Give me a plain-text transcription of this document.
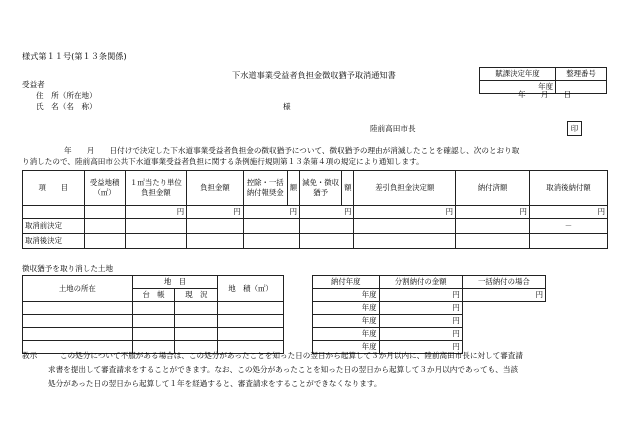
様式第１１号(第１３条関係)
下水道事業受益者負担金徴収猶予取消通知書
受益者
住　所（所在地）
氏　名（名　称）	様
賦課決定年度	整理番号
年度	
年　　月　　日
陸前高田市長	印
年　　月　　日付けで決定した下水道事業受益者負担金の徴収猶予について、徴収猶予の理由が消滅したことを確認し、次のとおり取
り消したので、陸前高田市公共下水道事業受益者負担に関する条例施行規則第１３条第４項の規定により通知します。
項　　目	受益地積（㎡）	１㎡当たり単位負担金額	負担金額	控除・一括納付報奨金	額	減免・徴収猶予	額	差引負担金決定額	納付済額	取消後納付額
		円	円	円		円		円	円	円
取消前決定										－
取消後決定										
徴収猶予を取り消した土地
土地の所在	地　目		地　積（㎡）
	台　帳	現　況	

納付年度	分割納付の金額	一括納付の場合
年度	円	円
年度	円	
年度	円	
年度	円	
年度	円	
教示	この処分について不服がある場合は、この処分があったことを知った日の翌日から起算して３か月以内に、陸前高田市長に対して審査請
求書を提出して審査請求をすることができます。なお、この処分があったことを知った日の翌日から起算して３か月以内であっても、当該
処分があった日の翌日から起算して１年を経過すると、審査請求をすることができなくなります。
